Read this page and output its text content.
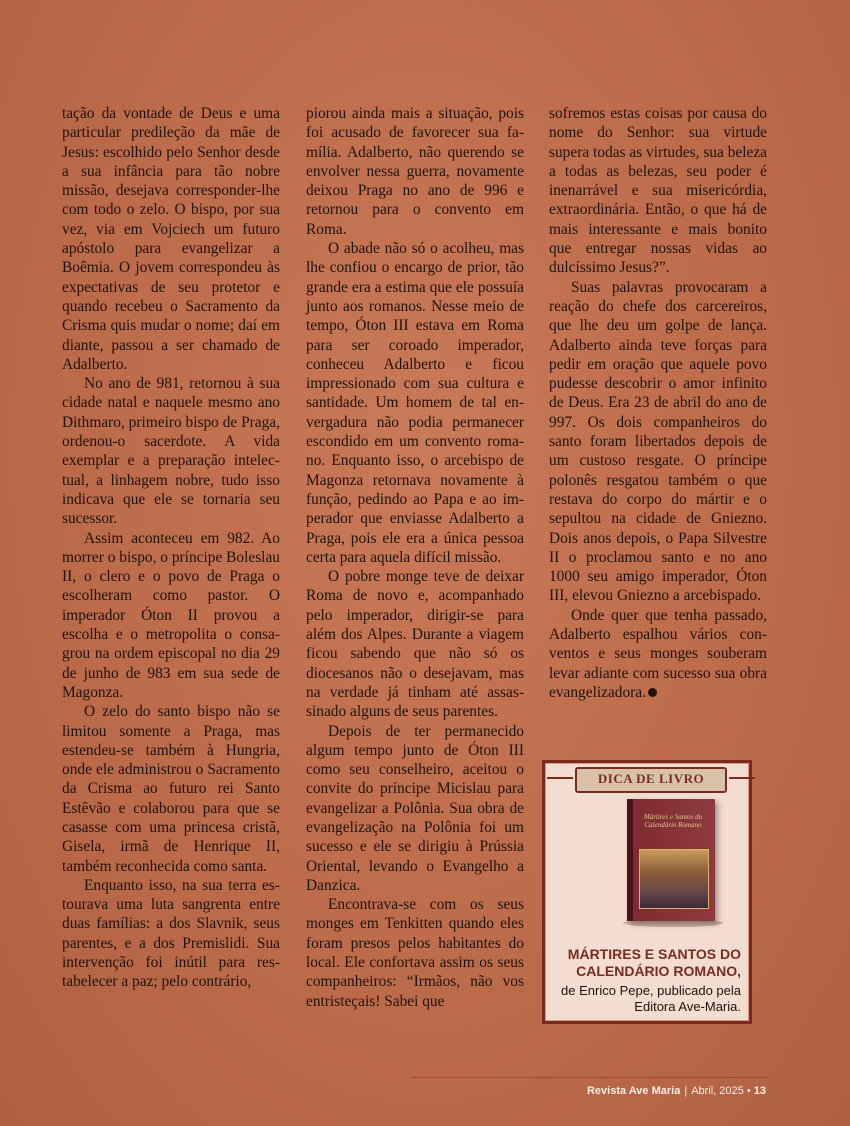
tação da vontade de Deus e uma particular predileção da mãe de Jesus: escolhido pelo Senhor desde a sua infância para tão nobre missão, desejava corresponder-lhe com todo o zelo. O bispo, por sua vez, via em Vojciech um futuro apóstolo para evangelizar a Boêmia. O jovem correspondeu às expectativas de seu protetor e quando recebeu o Sacramento da Crisma quis mudar o nome; daí em diante, passou a ser chamado de Adalberto.

No ano de 981, retornou à sua cidade natal e naquele mesmo ano Dithmaro, primeiro bispo de Praga, ordenou-o sacerdote. A vida exemplar e a preparação intelectual, a linhagem nobre, tudo isso indicava que ele se tornaria seu sucessor.

Assim aconteceu em 982. Ao morrer o bispo, o príncipe Boleslau II, o clero e o povo de Praga o escolheram como pastor. O imperador Óton II provou a escolha e o metropolita o consagrou na ordem episcopal no dia 29 de junho de 983 em sua sede de Magonza.

O zelo do santo bispo não se limitou somente a Praga, mas estendeu-se também à Hungria, onde ele administrou o Sacramento da Crisma ao futuro rei Santo Estêvão e colaborou para que se casasse com uma princesa cristã, Gisela, irmã de Henrique II, também reconhecida como santa.

Enquanto isso, na sua terra estourava uma luta sangrenta entre duas famílias: a dos Slavnik, seus parentes, e a dos Premislidi. Sua intervenção foi inútil para restabelecer a paz; pelo contrário,

piorou ainda mais a situação, pois foi acusado de favorecer sua família. Adalberto, não querendo se envolver nessa guerra, novamente deixou Praga no ano de 996 e retornou para o convento em Roma.

O abade não só o acolheu, mas lhe confiou o encargo de prior, tão grande era a estima que ele possuía junto aos romanos. Nesse meio de tempo, Óton III estava em Roma para ser coroado imperador, conheceu Adalberto e ficou impressionado com sua cultura e santidade. Um homem de tal envergadura não podia permanecer escondido em um convento romano. Enquanto isso, o arcebispo de Magonza retornava novamente à função, pedindo ao Papa e ao imperador que enviasse Adalberto a Praga, pois ele era a única pessoa certa para aquela difícil missão.

O pobre monge teve de deixar Roma de novo e, acompanhado pelo imperador, dirigir-se para além dos Alpes. Durante a viagem ficou sabendo que não só os diocesanos não o desejavam, mas na verdade já tinham até assassinado alguns de seus parentes.

Depois de ter permanecido algum tempo junto de Óton III como seu conselheiro, aceitou o convite do príncipe Micislau para evangelizar a Polônia. Sua obra de evangelização na Polônia foi um sucesso e ele se dirigiu à Prússia Oriental, levando o Evangelho a Danzica.

Encontrava-se com os seus monges em Tenkitten quando eles foram presos pelos habitantes do local. Ele confortava assim os seus companheiros: “Irmãos, não vos entristeçais! Sabei que

sofremos estas coisas por causa do nome do Senhor: sua virtude supera todas as virtudes, sua beleza a todas as belezas, seu poder é inenarrável e sua misericórdia, extraordinária. Então, o que há de mais interessante e mais bonito que entregar nossas vidas ao dulcíssimo Jesus?”.

Suas palavras provocaram a reação do chefe dos carcereiros, que lhe deu um golpe de lança. Adalberto ainda teve forças para pedir em oração que aquele povo pudesse descobrir o amor infinito de Deus. Era 23 de abril do ano de 997. Os dois companheiros do santo foram libertados depois de um custoso resgate. O príncipe polonês resgatou também o que restava do corpo do mártir e o sepultou na cidade de Gniezno. Dois anos depois, o Papa Silvestre II o proclamou santo e no ano 1000 seu amigo imperador, Óton III, elevou Gniezno a arcebispado.

Onde quer que tenha passado, Adalberto espalhou vários conventos e seus monges souberam levar adiante com sucesso sua obra evangelizadora.

DICA DE LIVRO
Mártires e Santos do Calendário Romano
MÁRTIRES E SANTOS DO CALENDÁRIO ROMANO,
de Enrico Pepe, publicado pela Editora Ave-Maria.
Revista Ave Maria | Abril, 2025 • 13
